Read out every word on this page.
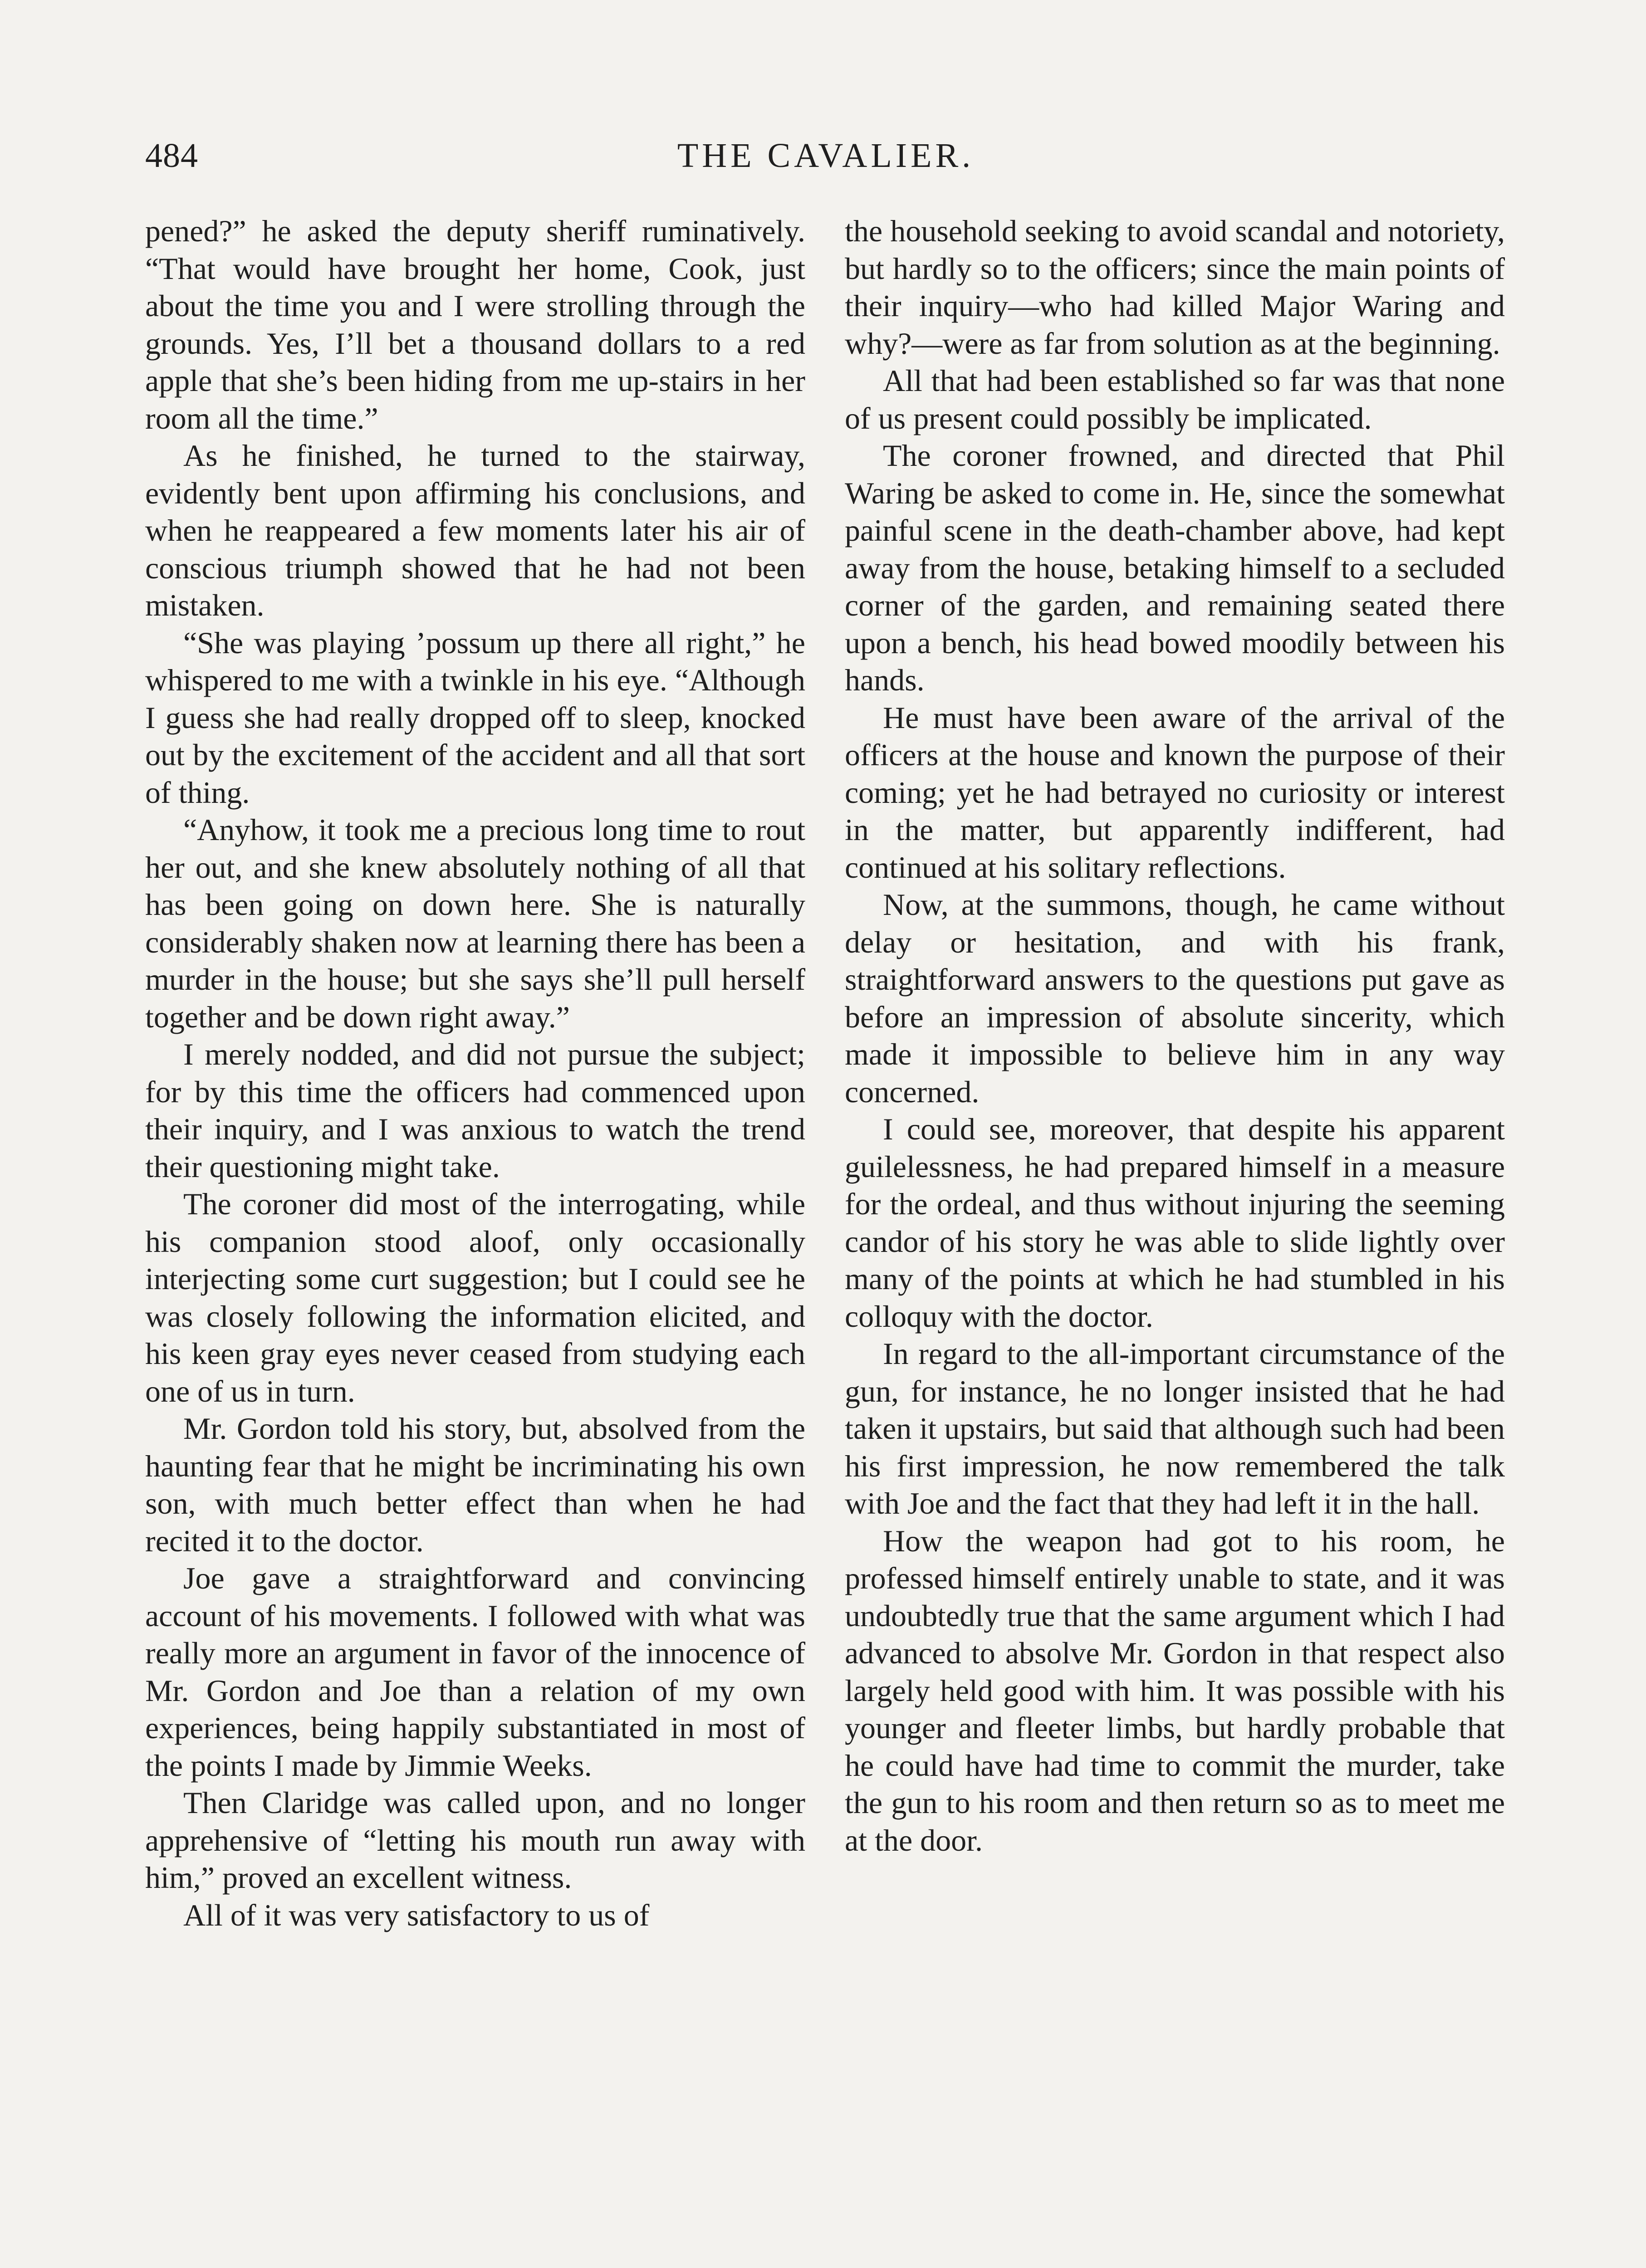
484	THE CAVALIER.

pened?” he asked the deputy sheriff ruminatively. “That would have brought her home, Cook, just about the time you and I were strolling through the grounds. Yes, I’ll bet a thousand dollars to a red apple that she’s been hiding from me up-stairs in her room all the time.”

As he finished, he turned to the stairway, evidently bent upon affirming his conclusions, and when he reappeared a few moments later his air of conscious triumph showed that he had not been mistaken.

“She was playing ’possum up there all right,” he whispered to me with a twinkle in his eye. “Although I guess she had really dropped off to sleep, knocked out by the excitement of the accident and all that sort of thing.

“Anyhow, it took me a precious long time to rout her out, and she knew absolutely nothing of all that has been going on down here. She is naturally considerably shaken now at learning there has been a murder in the house; but she says she’ll pull herself together and be down right away.”

I merely nodded, and did not pursue the subject; for by this time the officers had commenced upon their inquiry, and I was anxious to watch the trend their questioning might take.

The coroner did most of the interrogating, while his companion stood aloof, only occasionally interjecting some curt suggestion; but I could see he was closely following the information elicited, and his keen gray eyes never ceased from studying each one of us in turn.

Mr. Gordon told his story, but, absolved from the haunting fear that he might be incriminating his own son, with much better effect than when he had recited it to the doctor.

Joe gave a straightforward and convincing account of his movements. I followed with what was really more an argument in favor of the innocence of Mr. Gordon and Joe than a relation of my own experiences, being happily substantiated in most of the points I made by Jimmie Weeks.

Then Claridge was called upon, and no longer apprehensive of “letting his mouth run away with him,” proved an excellent witness.

All of it was very satisfactory to us of

the household seeking to avoid scandal and notoriety, but hardly so to the officers; since the main points of their inquiry—who had killed Major Waring and why?—were as far from solution as at the beginning.

All that had been established so far was that none of us present could possibly be implicated.

The coroner frowned, and directed that Phil Waring be asked to come in. He, since the somewhat painful scene in the death-chamber above, had kept away from the house, betaking himself to a secluded corner of the garden, and remaining seated there upon a bench, his head bowed moodily between his hands.

He must have been aware of the arrival of the officers at the house and known the purpose of their coming; yet he had betrayed no curiosity or interest in the matter, but apparently indifferent, had continued at his solitary reflections.

Now, at the summons, though, he came without delay or hesitation, and with his frank, straightforward answers to the questions put gave as before an impression of absolute sincerity, which made it impossible to believe him in any way concerned.

I could see, moreover, that despite his apparent guilelessness, he had prepared himself in a measure for the ordeal, and thus without injuring the seeming candor of his story he was able to slide lightly over many of the points at which he had stumbled in his colloquy with the doctor.

In regard to the all-important circumstance of the gun, for instance, he no longer insisted that he had taken it upstairs, but said that although such had been his first impression, he now remembered the talk with Joe and the fact that they had left it in the hall.

How the weapon had got to his room, he professed himself entirely unable to state, and it was undoubtedly true that the same argument which I had advanced to absolve Mr. Gordon in that respect also largely held good with him. It was possible with his younger and fleeter limbs, but hardly probable that he could have had time to commit the murder, take the gun to his room and then return so as to meet me at the door.
